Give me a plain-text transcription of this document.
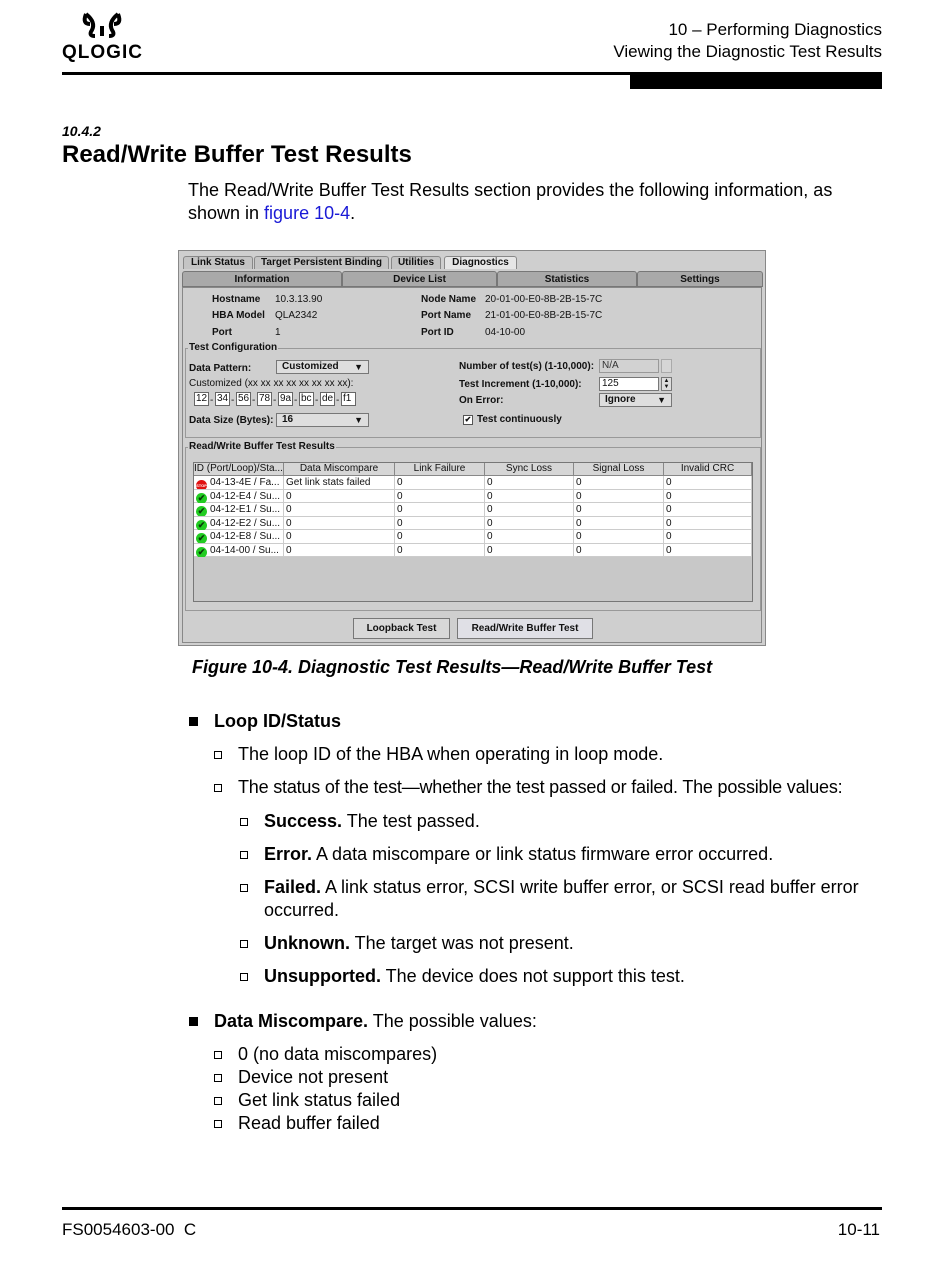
QLOGIC
10 – Performing Diagnostics
Viewing the Diagnostic Test Results
10.4.2
Read/Write Buffer Test Results
The Read/Write Buffer Test Results section provides the following information, as shown in figure 10-4.
Link Status	Target Persistent Binding	Utilities	Diagnostics
Information	Device List	Statistics	Settings
Hostname 10.3.13.90
HBA Model QLA2342
Port	1
Node Name 20-01-00-E0-8B-2B-15-7C
Port Name 21-01-00-E0-8B-2B-15-7C
Port ID	04-10-00
Test Configuration
Data Pattern:	Customized ▼
Customized (xx xx xx xx xx xx xx xx):
12 - 34 - 56 - 78 - 9a - bc - de - f1
Data Size (Bytes): 16	▼
Number of test(s) (1-10,000): N/A
Test Increment (1-10,000):	125	▲
▼
On Error:	Ignore ▼
✔ Test continuously
Read/Write Buffer Test Results
ID (Port/Loop)/Sta...	Data Miscompare	Link Failure	Sync Loss	Signal Loss	Invalid CRC
STOP 04-13-4E / Fa... Get link stats failed	0	0	0	0
✔ 04-12-E4 / Su... 0	0	0	0	0
✔ 04-12-E1 / Su... 0	0	0	0	0
✔ 04-12-E2 / Su... 0	0	0	0	0
✔ 04-12-E8 / Su... 0	0	0	0	0
✔ 04-14-00 / Su... 0	0	0	0	0
Loopback Test	Read/Write Buffer Test
Figure 10-4. Diagnostic Test Results—Read/Write Buffer Test
Loop ID/Status
The loop ID of the HBA when operating in loop mode.
The status of the test—whether the test passed or failed. The possible values:
Success. The test passed.
Error. A data miscompare or link status firmware error occurred.
Failed. A link status error, SCSI write buffer error, or SCSI read buffer error occurred.
Unknown. The target was not present.
Unsupported. The device does not support this test.
Data Miscompare. The possible values:
0 (no data miscompares)
Device not present
Get link status failed
Read buffer failed
FS0054603-00  C	10-11
